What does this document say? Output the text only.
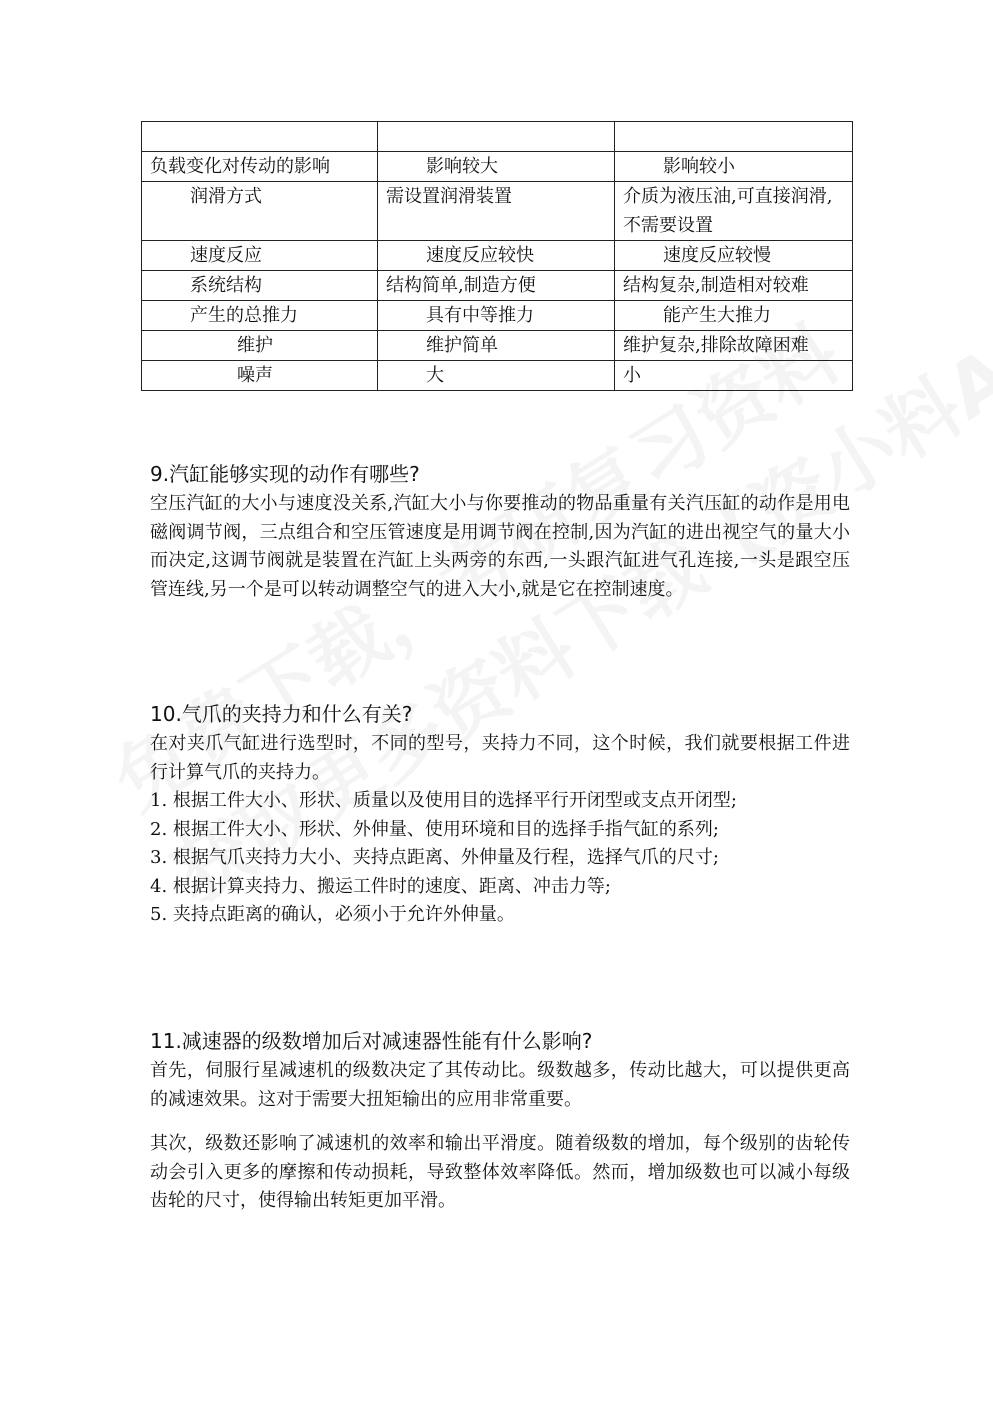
负载变化对传动的影响	影响较大	影响较小
润滑方式	需设置润滑装置	介质为液压油,可直接润滑,不需要设置
速度反应	速度反应较快	速度反应较慢
系统结构	结构简单,制造方便	结构复杂,制造相对较难
产生的总推力	具有中等推力	能产生大推力
维护	维护简单	维护复杂,排除故障困难
噪声	大	小

9.汽缸能够实现的动作有哪些?

空压汽缸的大小与速度没关系,汽缸大小与你要推动的物品重量有关汽压缸的动作是用电磁阀调节阀，三点组合和空压管速度是用调节阀在控制,因为汽缸的进出视空气的量大小而决定,这调节阀就是装置在汽缸上头两旁的东西,一头跟汽缸进气孔连接,一头是跟空压管连线,另一个是可以转动调整空气的进入大小,就是它在控制速度。

10.气爪的夹持力和什么有关?

在对夹爪气缸进行选型时，不同的型号，夹持力不同，这个时候，我们就要根据工件进行计算气爪的夹持力。

1. 根据工件大小、形状、质量以及使用目的选择平行开闭型或支点开闭型;

2. 根据工件大小、形状、外伸量、使用环境和目的选择手指气缸的系列;

3. 根据气爪夹持力大小、夹持点距离、外伸量及行程，选择气爪的尺寸;

4. 根据计算夹持力、搬运工件时的速度、距离、冲击力等;

5. 夹持点距离的确认，必须小于允许外伸量。

11.减速器的级数增加后对减速器性能有什么影响?

首先，伺服行星减速机的级数决定了其传动比。级数越多，传动比越大，可以提供更高的减速效果。这对于需要大扭矩输出的应用非常重要。

其次，级数还影响了减速机的效率和输出平滑度。随着级数的增加，每个级别的齿轮传动会引入更多的摩擦和传动损耗，导致整体效率降低。然而，增加级数也可以减小每级齿轮的尺寸，使得输出转矩更加平滑。
